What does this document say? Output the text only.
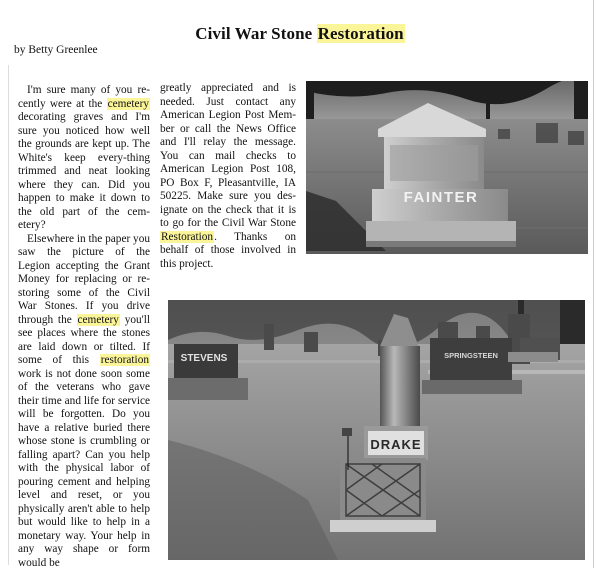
Civil War Stone Restoration

by Betty Greenlee

I'm sure many of you re-cently were at the cemetery decorating graves and I'm sure you noticed how well the grounds are kept up. The White's keep every-thing trimmed and neat looking where they can. Did you happen to make it down to the old part of the cem-etery?

Elsewhere in the paper you saw the picture of the Legion accepting the Grant Money for replacing or re-storing some of the Civil War Stones. If you drive through the cemetery you'll see places where the stones are laid down or tilted. If some of this restoration work is not done soon some of the veterans who gave their time and life for service will be forgotten. Do you have a relative buried there whose stone is crumbling or falling apart? Can you help with the physical labor of pouring cement and helping level and reset, or you physically aren't able to help but would like to help in a monetary way. Your help in any way shape or form would be

greatly appreciated and is needed. Just contact any American Legion Post Mem-ber or call the News Office and I'll relay the message. You can mail checks to American Legion Post 108, PO Box F, Pleasantville, IA 50225. Make sure you des-ignate on the check that it is to go for the Civil War Stone Restoration. Thanks on behalf of those involved in this project.

FAINTER
STEVENS	SPRINGSTEEN
DRAKE
